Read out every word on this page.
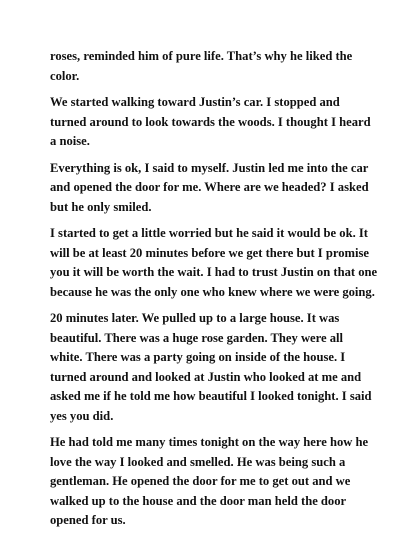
roses, reminded him of pure life. That’s why he liked the
color.

We started walking toward Justin’s car. I stopped and
turned around to look towards the woods. I thought I heard
a noise.

Everything is ok, I said to myself. Justin led me into the car
and opened the door for me. Where are we headed? I asked
but he only smiled.

I started to get a little worried but he said it would be ok. It
will be at least 20 minutes before we get there but I promise
you it will be worth the wait. I had to trust Justin on that one
because he was the only one who knew where we were going.

20 minutes later. We pulled up to a large house. It was
beautiful. There was a huge rose garden. They were all
white. There was a party going on inside of the house. I
turned around and looked at Justin who looked at me and
asked me if he told me how beautiful I looked tonight. I said
yes you did.

He had told me many times tonight on the way here how he
love the way I looked and smelled. He was being such a
gentleman. He opened the door for me to get out and we
walked up to the house and the door man held the door
opened for us.
